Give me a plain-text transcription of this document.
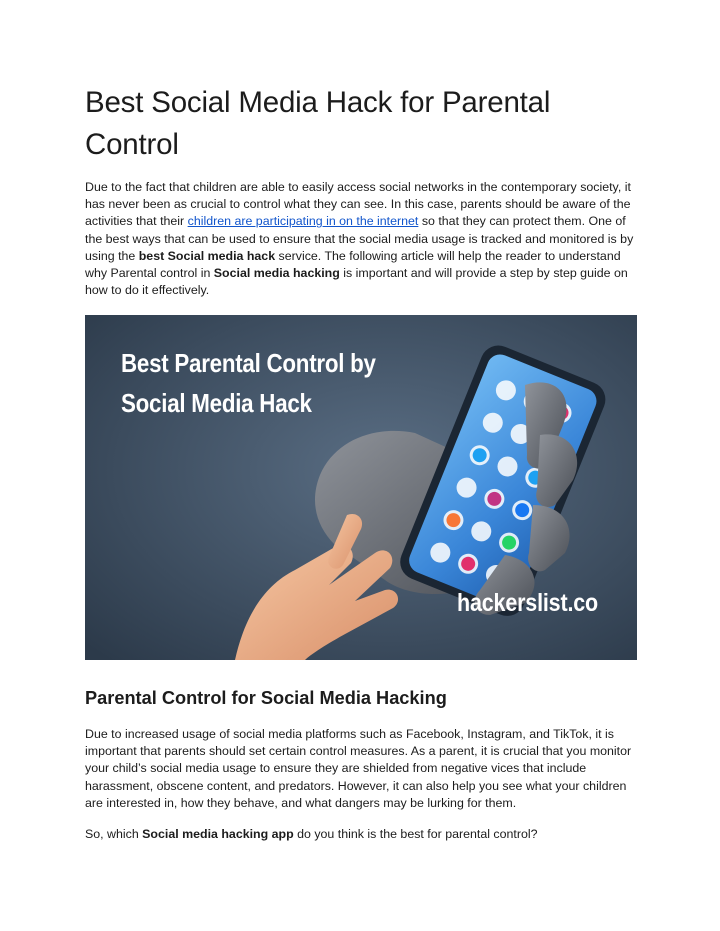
Best Social Media Hack for Parental Control

Due to the fact that children are able to easily access social networks in the contemporary society, it has never been as crucial to control what they can see. In this case, parents should be aware of the activities that their children are participating in on the internet so that they can protect them. One of the best ways that can be used to ensure that the social media usage is tracked and monitored is by using the best Social media hack service. The following article will help the reader to understand why Parental control in Social media hacking is important and will provide a step by step guide on how to do it effectively.

Best Parental Control by
Social Media Hack
hackerslist.co
Parental Control for Social Media Hacking

Due to increased usage of social media platforms such as Facebook, Instagram, and TikTok, it is important that parents should set certain control measures. As a parent, it is crucial that you monitor your child’s social media usage to ensure they are shielded from negative vices that include harassment, obscene content, and predators. However, it can also help you see what your children are interested in, how they behave, and what dangers may be lurking for them.

So, which Social media hacking app do you think is the best for parental control?
